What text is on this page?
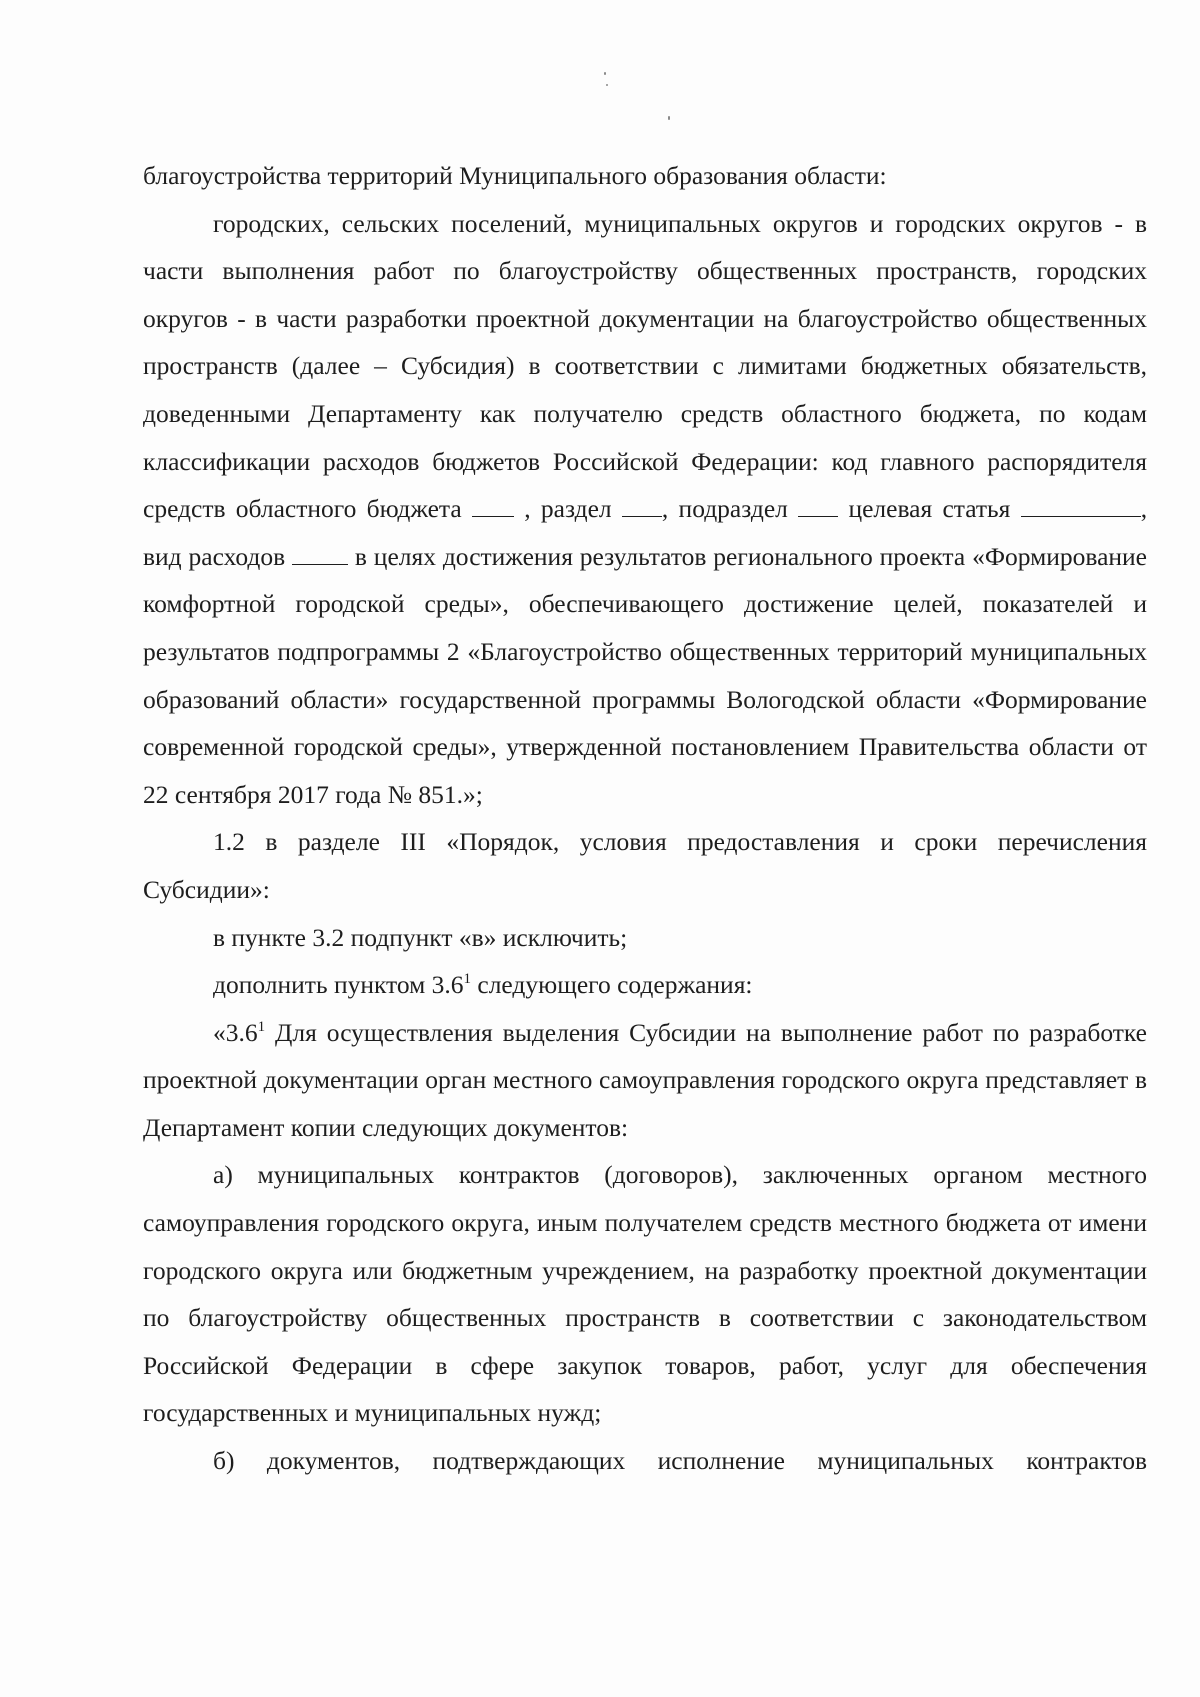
благоустройства территорий Муниципального образования области:

городских, сельских поселений, муниципальных округов и городских округов - в части выполнения работ по благоустройству общественных пространств, городских округов - в части разработки проектной документации на благоустройство общественных пространств (далее – Субсидия) в соответствии с лимитами бюджетных обязательств, доведенными Департаменту как получателю средств областного бюджета, по кодам классификации расходов бюджетов Российской Федерации: код главного распорядителя средств областного бюджета , раздел , подраздел целевая статья	, вид расходов	в целях достижения результатов регионального проекта «Формирование комфортной городской среды», обеспечивающего достижение целей, показателей и результатов подпрограммы 2 «Благоустройство общественных территорий муниципальных образований области» государственной программы Вологодской области «Формирование современной городской среды», утвержденной постановлением Правительства области от 22 сентября 2017 года № 851.»;

1.2 в разделе III «Порядок, условия предоставления и сроки перечисления Субсидии»:

в пункте 3.2 подпункт «в» исключить;

дополнить пунктом $3.6^1$ следующего содержания:

«$3.6^1$ Для осуществления выделения Субсидии на выполнение работ по разработке проектной документации орган местного самоуправления городского округа представляет в Департамент копии следующих документов:

а) муниципальных контрактов (договоров), заключенных органом местного самоуправления городского округа, иным получателем средств местного бюджета от имени городского округа или бюджетным учреждением, на разработку проектной документации по благоустройству общественных пространств в соответствии с законодательством Российской Федерации в сфере закупок товаров, работ, услуг для обеспечения государственных и муниципальных нужд;

б) документов, подтверждающих исполнение муниципальных контрактов
